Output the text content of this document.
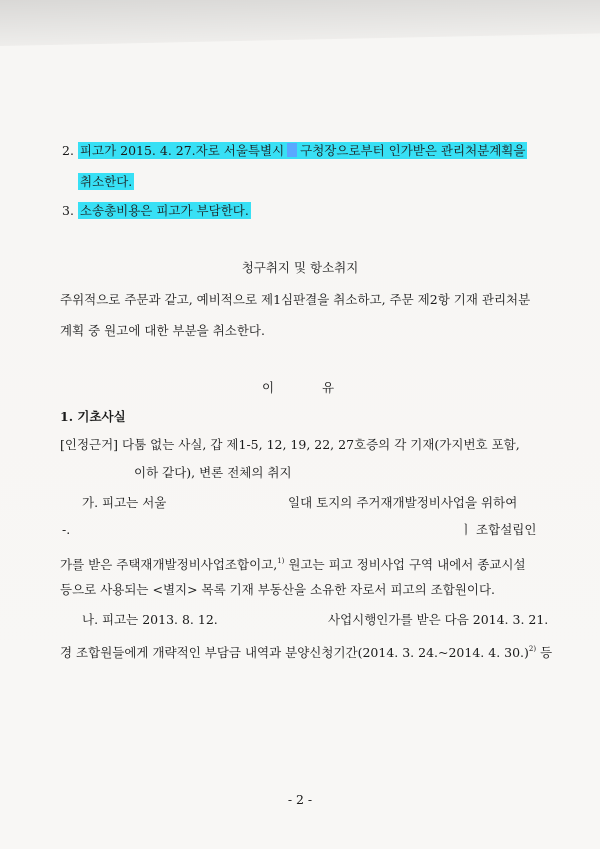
2. 피고가 2015. 4. 27.자로 서울특별시 구청장으로부터 인가받은 관리처분계획을
취소한다.
3. 소송총비용은 피고가 부담한다.
청구취지 및 항소취지
주위적으로 주문과 같고, 예비적으로 제1심판결을 취소하고, 주문 제2항 기재 관리처분
계획 중 원고에 대한 부분을 취소한다.
이	유
1. 기초사실
[인정근거] 다툼 없는 사실, 갑 제1-5, 12, 19, 22, 27호증의 각 기재(가지번호 포함,
이하 같다), 변론 전체의 취지
가. 피고는 서울	일대 토지의 주거재개발정비사업을 위하여
-.	ㅣ 조합설립인
가를 받은 주택재개발정비사업조합이고,$^{1)}$ 원고는 피고 정비사업 구역 내에서 종교시설
등으로 사용되는 <별지> 목록 기재 부동산을 소유한 자로서 피고의 조합원이다.
나. 피고는 2013. 8. 12.	사업시행인가를 받은 다음 2014. 3. 21.
경 조합원들에게 개략적인 부담금 내역과 분양신청기간(2014. 3. 24.~2014. 4. 30.)$^{2)}$ 등
- 2 -
